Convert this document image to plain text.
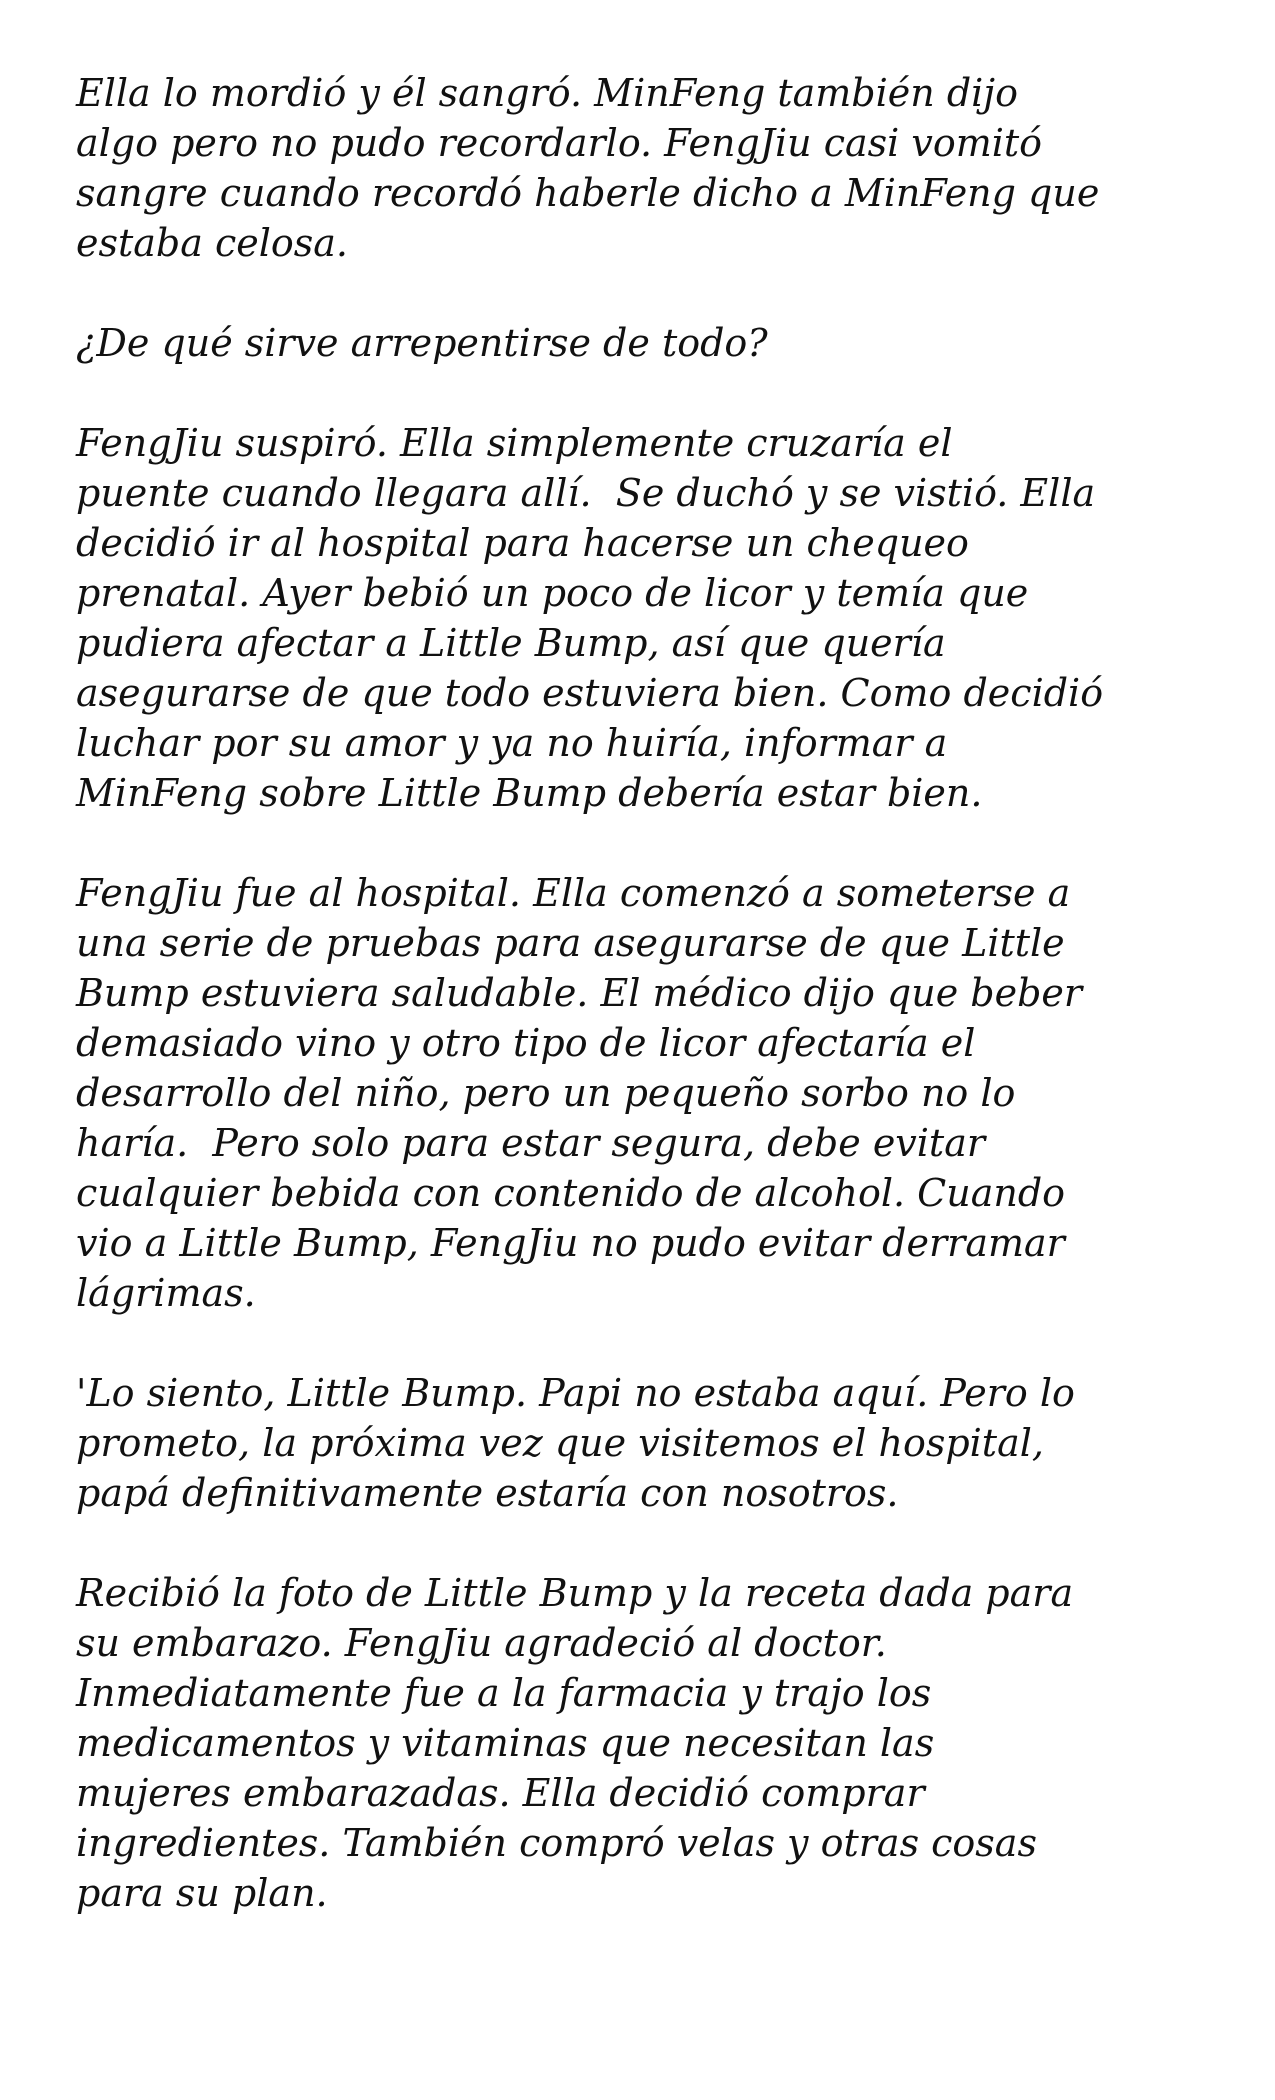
Ella lo mordió y él sangró. MinFeng también dijo
algo pero no pudo recordarlo. FengJiu casi vomitó
sangre cuando recordó haberle dicho a MinFeng que
estaba celosa.

¿De qué sirve arrepentirse de todo?

FengJiu suspiró. Ella simplemente cruzaría el
puente cuando llegara allí.  Se duchó y se vistió. Ella
decidió ir al hospital para hacerse un chequeo
prenatal. Ayer bebió un poco de licor y temía que
pudiera afectar a Little Bump, así que quería
asegurarse de que todo estuviera bien. Como decidió
luchar por su amor y ya no huiría, informar a
MinFeng sobre Little Bump debería estar bien.

FengJiu fue al hospital. Ella comenzó a someterse a
una serie de pruebas para asegurarse de que Little
Bump estuviera saludable. El médico dijo que beber
demasiado vino y otro tipo de licor afectaría el
desarrollo del niño, pero un pequeño sorbo no lo
haría.  Pero solo para estar segura, debe evitar
cualquier bebida con contenido de alcohol. Cuando
vio a Little Bump, FengJiu no pudo evitar derramar
lágrimas.

'Lo siento, Little Bump. Papi no estaba aquí. Pero lo
prometo, la próxima vez que visitemos el hospital,
papá definitivamente estaría con nosotros.

Recibió la foto de Little Bump y la receta dada para
su embarazo. FengJiu agradeció al doctor.
Inmediatamente fue a la farmacia y trajo los
medicamentos y vitaminas que necesitan las
mujeres embarazadas. Ella decidió comprar
ingredientes. También compró velas y otras cosas
para su plan.
